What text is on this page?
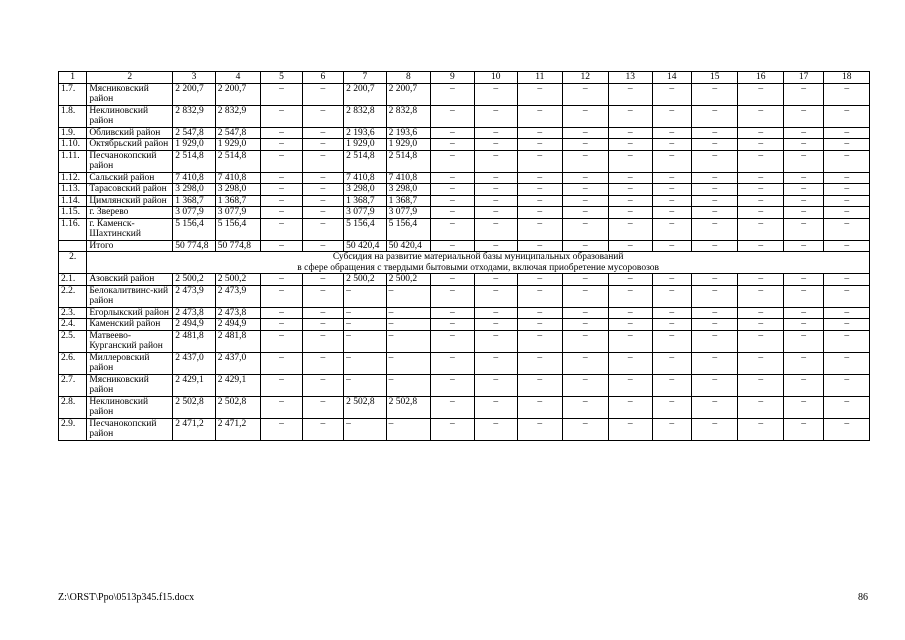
1	2	3	4	5	6	7	8	9	10	11	12	13	14	15	16	17	18
1.7.	Мясниковский район	2 200,7	2 200,7	–	–	2 200,7	2 200,7	–	–	–	–	–	–	–	–	–	–
1.8.	Неклиновский район	2 832,9	2 832,9	–	–	2 832,8	2 832,8	–	–	–	–	–	–	–	–	–	–
1.9.	Обливский район	2 547,8	2 547,8	–	–	2 193,6	2 193,6	–	–	–	–	–	–	–	–	–	–
1.10.	Октябрьский район	1 929,0	1 929,0	–	–	1 929,0	1 929,0	–	–	–	–	–	–	–	–	–	–
1.11.	Песчанокопский район	2 514,8	2 514,8	–	–	2 514,8	2 514,8	–	–	–	–	–	–	–	–	–	–
1.12.	Сальский район	7 410,8	7 410,8	–	–	7 410,8	7 410,8	–	–	–	–	–	–	–	–	–	–
1.13.	Тарасовский район	3 298,0	3 298,0	–	–	3 298,0	3 298,0	–	–	–	–	–	–	–	–	–	–
1.14.	Цимлянский район	1 368,7	1 368,7	–	–	1 368,7	1 368,7	–	–	–	–	–	–	–	–	–	–
1.15.	г. Зверево	3 077,9	3 077,9	–	–	3 077,9	3 077,9	–	–	–	–	–	–	–	–	–	–
1.16.	г. Каменск-Шахтинский	5 156,4	5 156,4	–	–	5 156,4	5 156,4	–	–	–	–	–	–	–	–	–	–
	Итого	50 774,8	50 774,8	–	–	50 420,4	50 420,4	–	–	–	–	–	–	–	–	–	–
2.	Субсидия на развитие материальной базы муниципальных образований
в сфере обращения с твердыми бытовыми отходами, включая приобретение мусоровозов																

2.1.	Азовский район	2 500,2	2 500,2	–	–	2 500,2	2 500,2	–	–	–	–	–	–	–	–	–	–
2.2.	Белокалитвинс-кий район	2 473,9	2 473,9	–	–	–	–	–	–	–	–	–	–	–	–	–	–
2.3.	Егорлыкский район	2 473,8	2 473,8	–	–	–	–	–	–	–	–	–	–	–	–	–	–
2.4.	Каменский район	2 494,9	2 494,9	–	–	–	–	–	–	–	–	–	–	–	–	–	–
2.5.	Матвеево-Курганский район	2 481,8	2 481,8	–	–	–	–	–	–	–	–	–	–	–	–	–	–
2.6.	Миллеровский район	2 437,0	2 437,0	–	–	–	–	–	–	–	–	–	–	–	–	–	–
2.7.	Мясниковский район	2 429,1	2 429,1	–	–	–	–	–	–	–	–	–	–	–	–	–	–
2.8.	Неклиновский район	2 502,8	2 502,8	–	–	2 502,8	2 502,8	–	–	–	–	–	–	–	–	–	–
2.9.	Песчанокопский район	2 471,2	2 471,2	–	–	–	–	–	–	–	–	–	–	–	–	–	–
Z:\ORST\Ppo\0513p345.f15.docx	86
